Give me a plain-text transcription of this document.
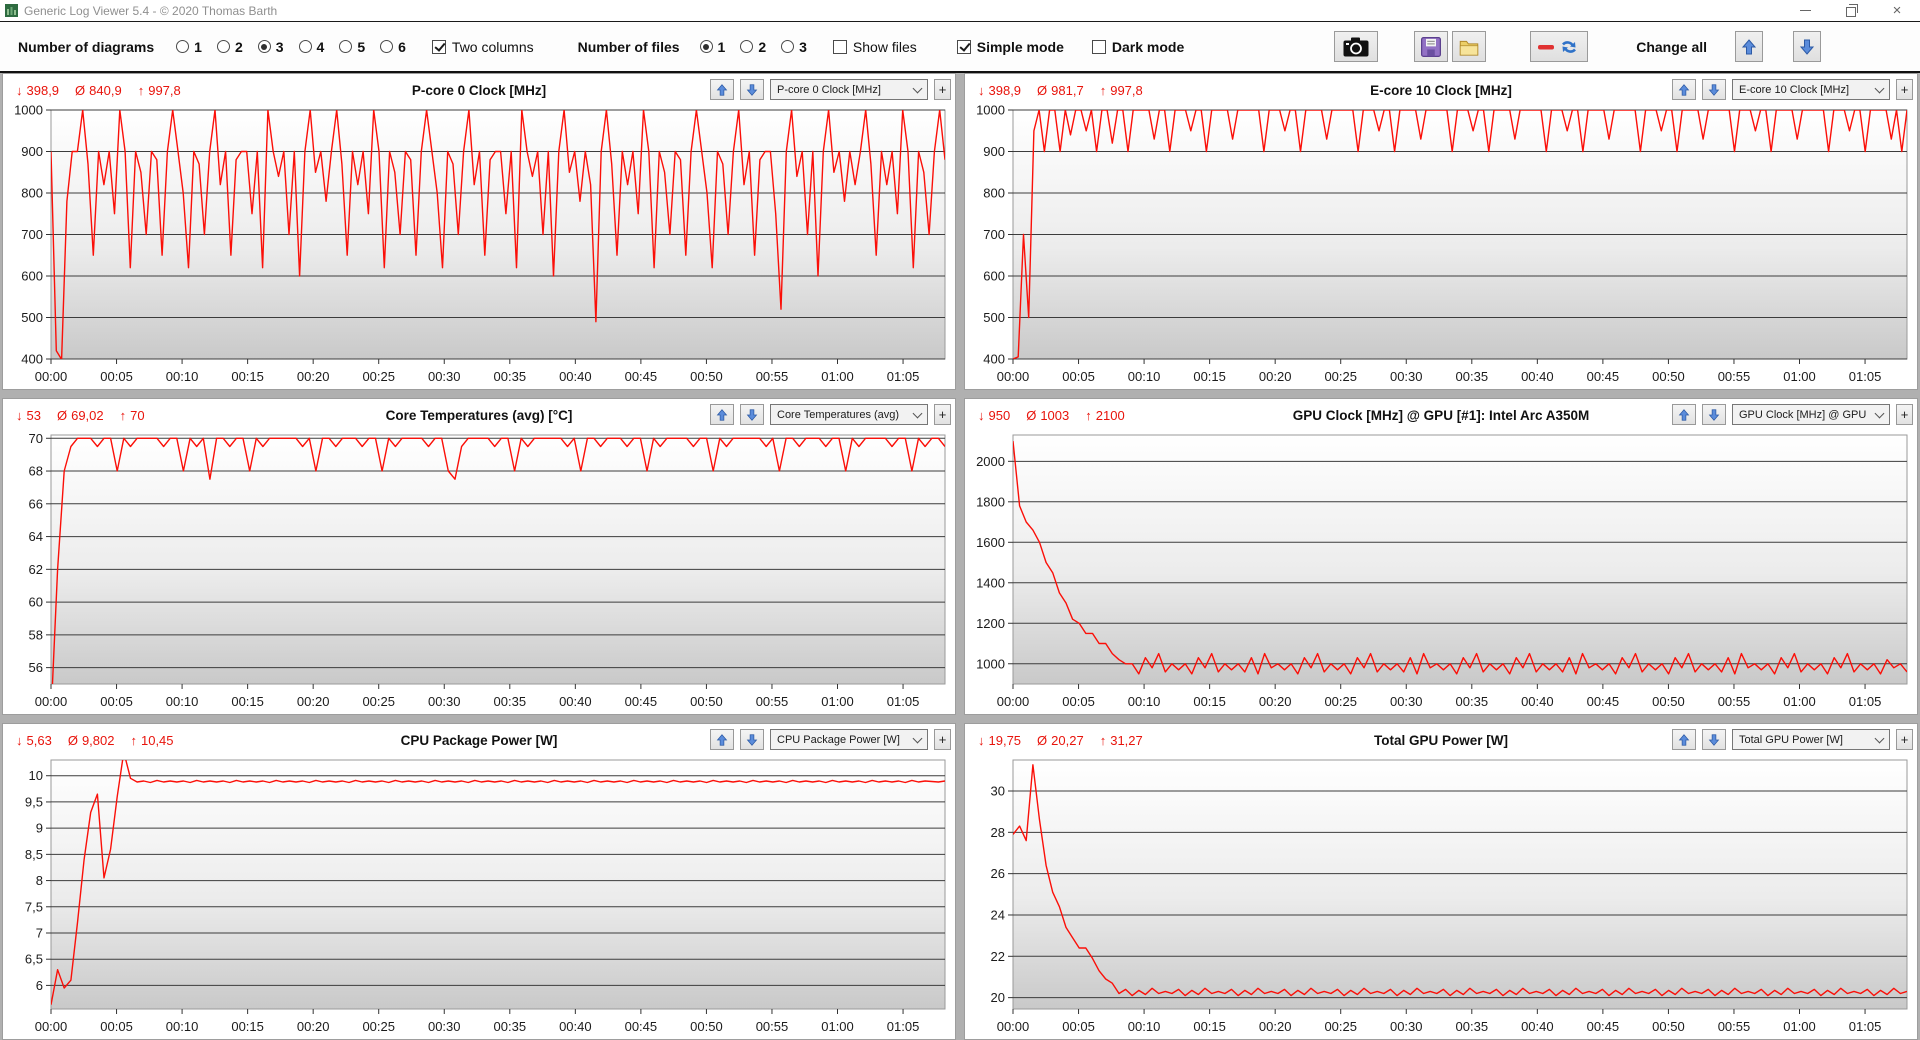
Generic Log Viewer 5.4 - © 2020 Thomas Barth	×
Number of diagrams	1 2 3 4 5 6	Two columns	Number of files	1 2 3	Show files	Simple mode	Dark mode	Change all
↓ 398,9 Ø 840,9 ↑ 997,8	P-core 0 Clock [MHz]	P-core 0 Clock [MHz]	+
1000
900
800
700
600
500
400
00:00	00:05	00:10	00:15	00:20	00:25	00:30	00:35	00:40	00:45	00:50	00:55	01:00	01:05
↓ 398,9 Ø 981,7 ↑ 997,8	E-core 10 Clock [MHz]	E-core 10 Clock [MHz]	+
1000
900
800
700
600
500
400
00:00	00:05	00:10	00:15	00:20	00:25	00:30	00:35	00:40	00:45	00:50	00:55	01:00	01:05
↓ 53 Ø 69,02 ↑ 70	Core Temperatures (avg) [°C]	Core Temperatures (avg)	+
70
68
66
64
62
60
58
56
00:00	00:05	00:10	00:15	00:20	00:25	00:30	00:35	00:40	00:45	00:50	00:55	01:00	01:05
↓ 950 Ø 1003 ↑ 2100	GPU Clock [MHz] @ GPU [#1]: Intel Arc A350M	GPU Clock [MHz] @ GPU	+
2000
1800
1600
1400
1200
1000
00:00	00:05	00:10	00:15	00:20	00:25	00:30	00:35	00:40	00:45	00:50	00:55	01:00	01:05
↓ 5,63 Ø 9,802 ↑ 10,45	CPU Package Power [W]	CPU Package Power [W]	+
10
9,5
9
8,5
8
7,5
7
6,5
6
00:00	00:05	00:10	00:15	00:20	00:25	00:30	00:35	00:40	00:45	00:50	00:55	01:00	01:05
↓ 19,75 Ø 20,27 ↑ 31,27	Total GPU Power [W]	Total GPU Power [W]	+
30
28
26
24
22
20
00:00	00:05	00:10	00:15	00:20	00:25	00:30	00:35	00:40	00:45	00:50	00:55	01:00	01:05
